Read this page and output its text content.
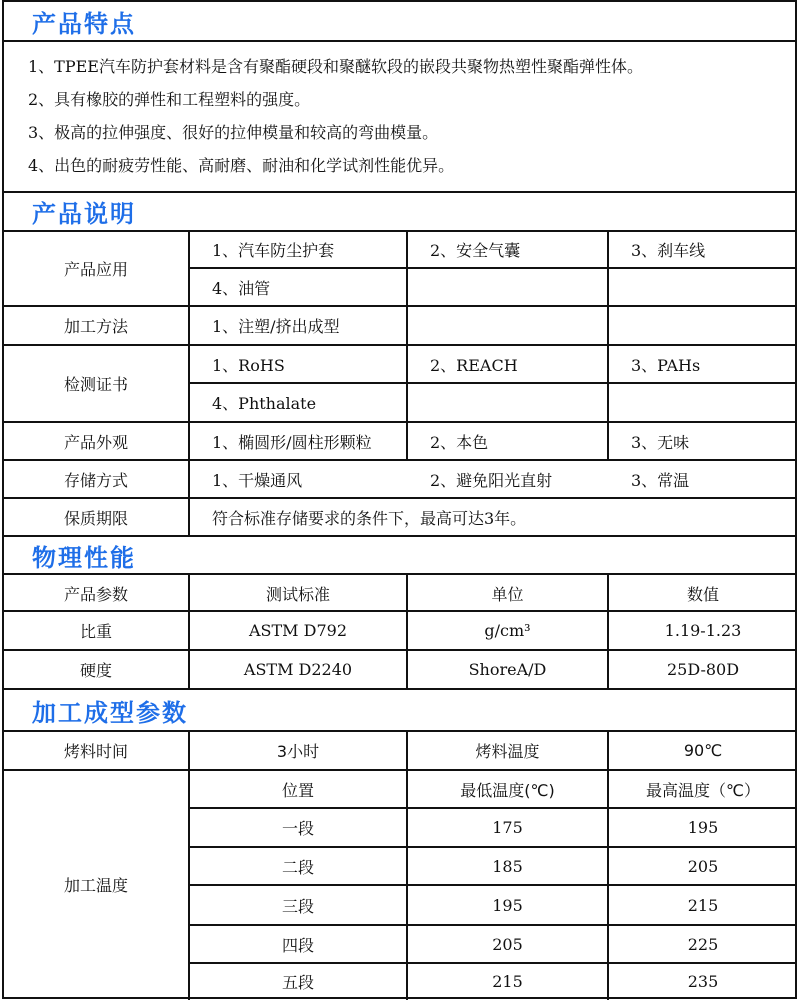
产品特点
1、TPEE汽车防护套材料是含有聚酯硬段和聚醚软段的嵌段共聚物热塑性聚酯弹性体。
2、具有橡胶的弹性和工程塑料的强度。
3、极高的拉伸强度、很好的拉伸模量和较高的弯曲模量。
4、出色的耐疲劳性能、高耐磨、耐油和化学试剂性能优异。
产品说明
产品应用
1、汽车防尘护套	2、安全气囊	3、刹车线
4、油管
加工方法	1、注塑/挤出成型
检测证书
1、RoHS	2、REACH	3、PAHs
4、Phthalate
产品外观	1、椭圆形/圆柱形颗粒	2、本色	3、无味
存储方式	1、干燥通风	2、避免阳光直射	3、常温
保质期限	符合标准存储要求的条件下，最高可达3年。
物理性能
产品参数	测试标准	单位	数值
比重	ASTM D792	g/cm³	1.19-1.23
硬度	ASTM D2240	ShoreA/D	25D-80D
加工成型参数
烤料时间	3小时	烤料温度	90℃
加工温度
位置	最低温度(℃)	最高温度（℃）
一段	175	195
二段	185	205
三段	195	215
四段	205	225
五段	215	235
